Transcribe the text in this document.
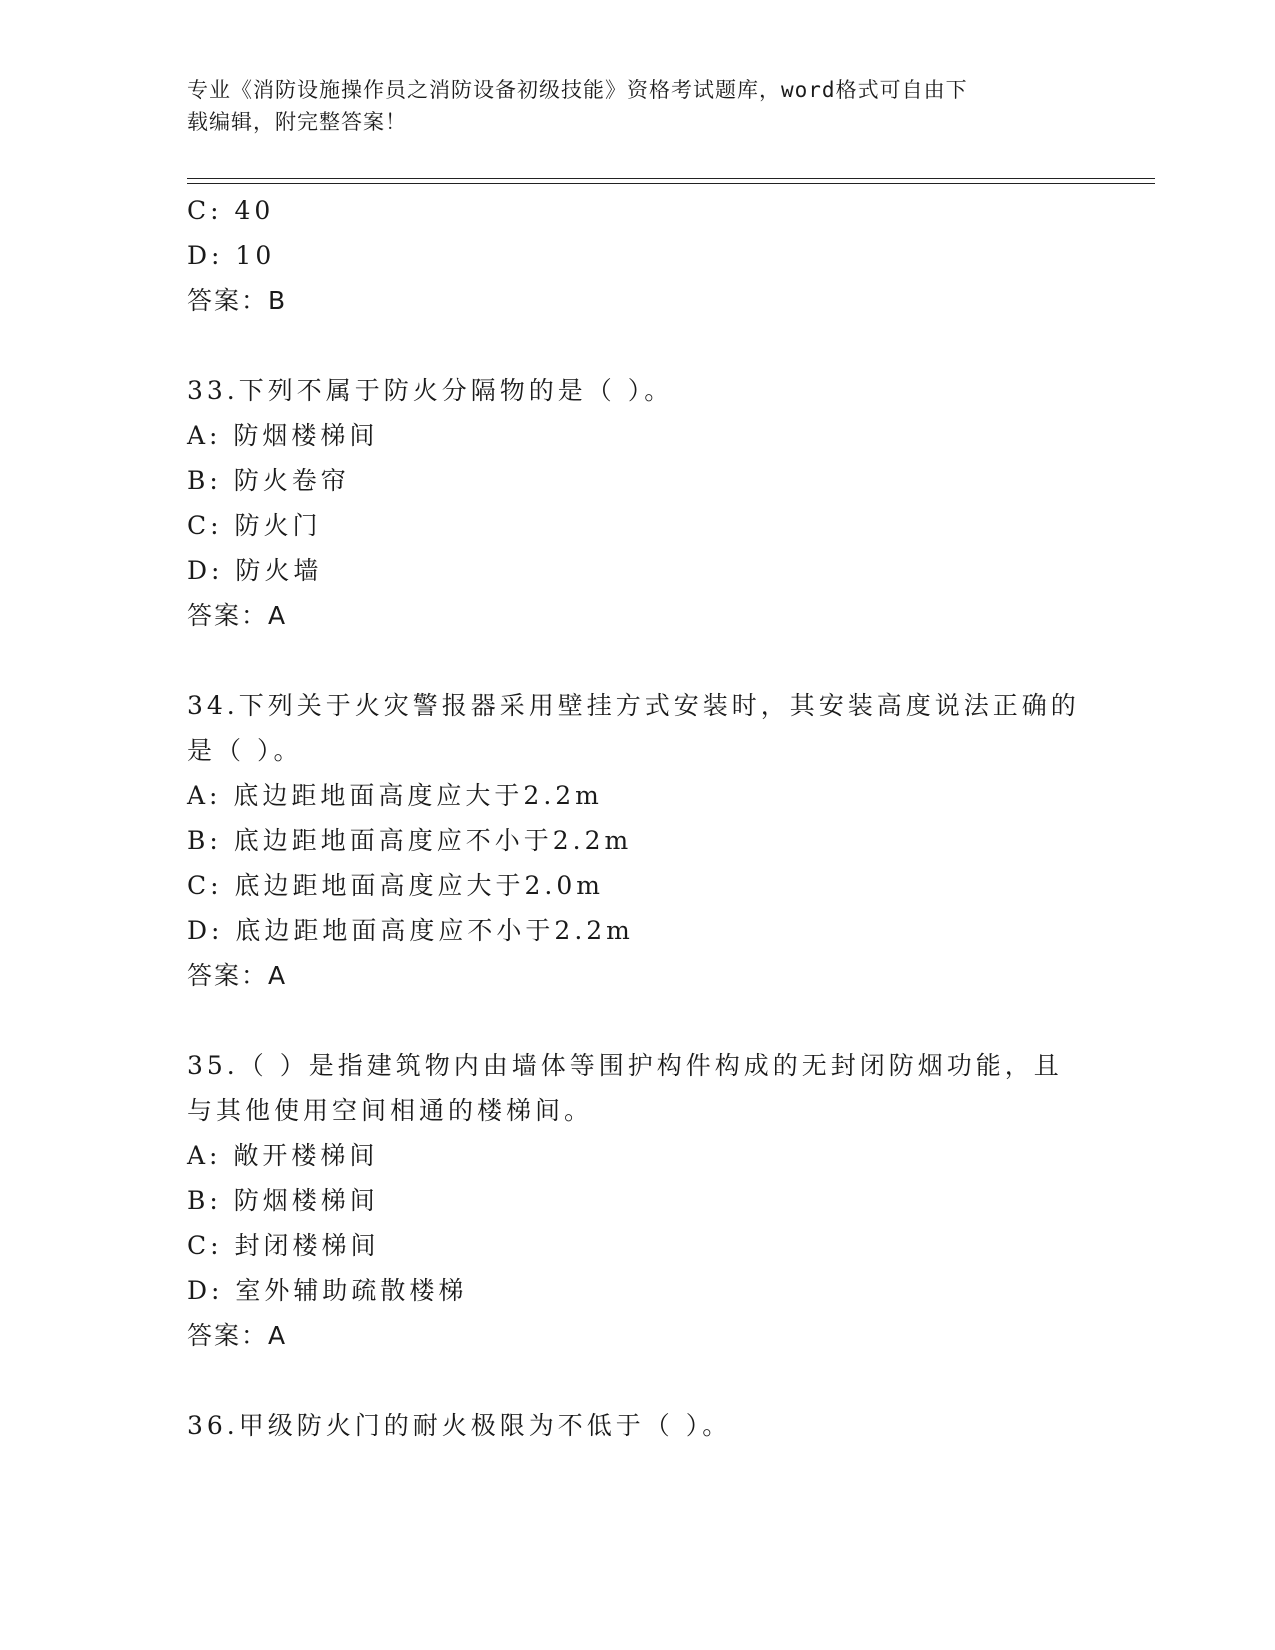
专业《消防设施操作员之消防设备初级技能》资格考试题库，word格式可自由下
载编辑，附完整答案！
C: 40
D: 10
答案：B
33.下列不属于防火分隔物的是（ ）。
A: 防烟楼梯间
B: 防火卷帘
C: 防火门
D: 防火墙
答案：A
34.下列关于火灾警报器采用壁挂方式安装时，其安装高度说法正确的
是（ ）。
A: 底边距地面高度应大于2.2m
B: 底边距地面高度应不小于2.2m
C: 底边距地面高度应大于2.0m
D: 底边距地面高度应不小于2.2m
答案：A
35.（ ）是指建筑物内由墙体等围护构件构成的无封闭防烟功能，且
与其他使用空间相通的楼梯间。
A: 敞开楼梯间
B: 防烟楼梯间
C: 封闭楼梯间
D: 室外辅助疏散楼梯
答案：A
36.甲级防火门的耐火极限为不低于（ ）。
